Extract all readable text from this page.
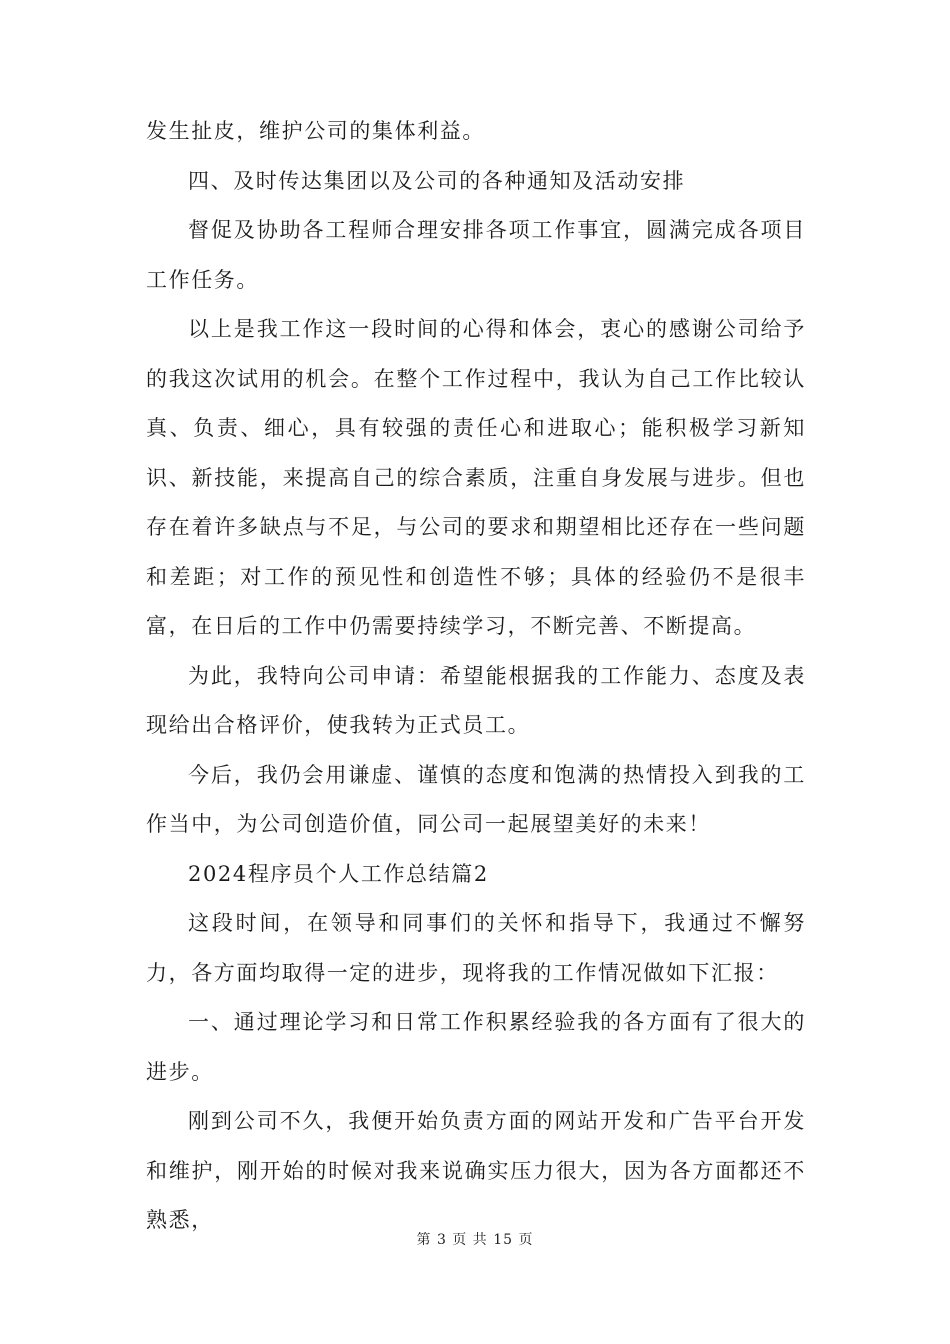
发生扯皮，维护公司的集体利益。

四、及时传达集团以及公司的各种通知及活动安排

督促及协助各工程师合理安排各项工作事宜，圆满完成各项目工作任务。

以上是我工作这一段时间的心得和体会，衷心的感谢公司给予的我这次试用的机会。在整个工作过程中，我认为自己工作比较认真、负责、细心，具有较强的责任心和进取心；能积极学习新知识、新技能，来提高自己的综合素质，注重自身发展与进步。但也存在着许多缺点与不足，与公司的要求和期望相比还存在一些问题和差距；对工作的预见性和创造性不够；具体的经验仍不是很丰富，在日后的工作中仍需要持续学习，不断完善、不断提高。

为此，我特向公司申请：希望能根据我的工作能力、态度及表现给出合格评价，使我转为正式员工。

今后，我仍会用谦虚、谨慎的态度和饱满的热情投入到我的工作当中，为公司创造价值，同公司一起展望美好的未来！

2024程序员个人工作总结篇2

这段时间，在领导和同事们的关怀和指导下，我通过不懈努力，各方面均取得一定的进步，现将我的工作情况做如下汇报：

一、通过理论学习和日常工作积累经验我的各方面有了很大的进步。

刚到公司不久，我便开始负责方面的网站开发和广告平台开发和维护，刚开始的时候对我来说确实压力很大，因为各方面都还不熟悉，

第 3 页 共 15 页
